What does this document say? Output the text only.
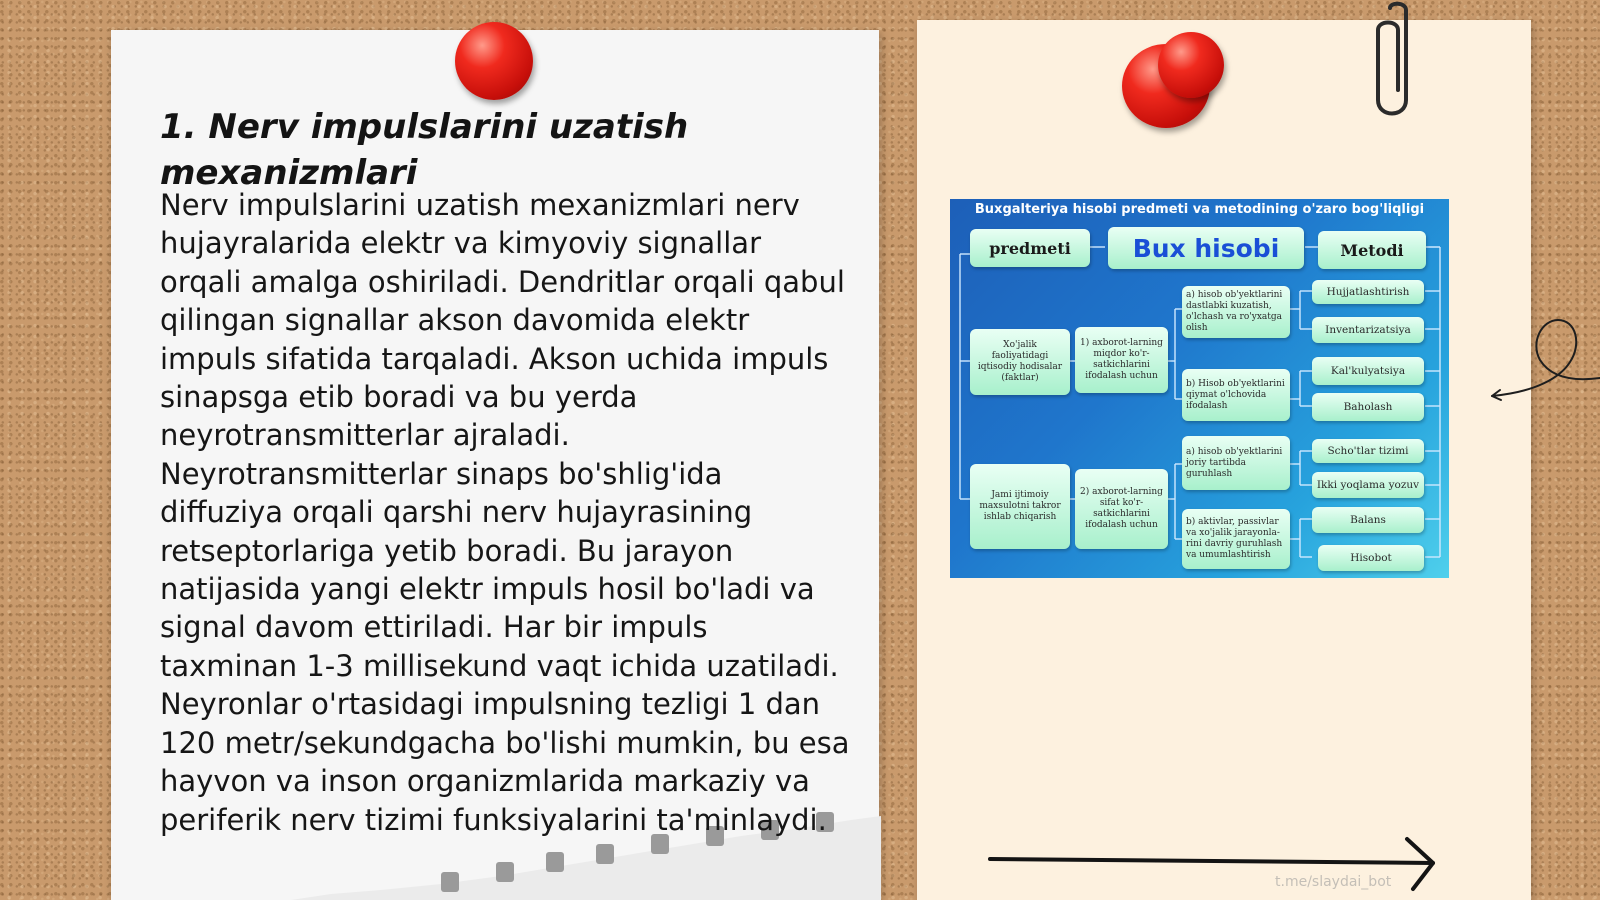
1. Nerv impulslarini uzatish mexanizmlari

Nerv impulslarini uzatish mexanizmlari nerv hujayralarida elektr va kimyoviy signallar orqali amalga oshiriladi. Dendritlar orqali qabul qilingan signallar akson davomida elektr impuls sifatida tarqaladi. Akson uchida impuls sinapsga etib boradi va bu yerda neyrotransmitterlar ajraladi. Neyrotransmitterlar sinaps bo'shlig'ida diffuziya orqali qarshi nerv hujayrasining retseptorlariga yetib boradi. Bu jarayon natijasida yangi elektr impuls hosil bo'ladi va signal davom ettiriladi. Har bir impuls taxminan 1-3 millisekund vaqt ichida uzatiladi. Neyronlar o'rtasidagi impulsning tezligi 1 dan 120 metr/sekundgacha bo'lishi mumkin, bu esa hayvon va inson organizmlarida markaziy va periferik nerv tizimi funksiyalarini ta'minlaydi.

Buxgalteriya hisobi predmeti va metodining o'zaro bog'liqligi
predmeti	Bux hisobi	Metodi
Xo'jalik faoliyatidagi iqtisodiy hodisalar (faktlar)
Jami ijtimoiy maxsulotni takror ishlab chiqarish
1) axborot-larning miqdor ko'r-satkichlarini ifodalash uchun
2) axborot-larning sifat ko'r-satkichlarini ifodalash uchun
a) hisob ob'yektlarini dastlabki kuzatish, o'lchash va ro'yxatga olish
b) Hisob ob'yektlarini qiymat o'lchovida ifodalash
a) hisob ob'yektlarini joriy tartibda guruhlash
b) aktivlar, passivlar va xo'jalik jarayonla-rini davriy guruhlash va umumlashtirish
Hujjatlashtirish
Inventarizatsiya
Kal'kulyatsiya
Baholash
Scho'tlar tizimi
Ikki yoqlama yozuv
Balans
Hisobot
t.me/slaydai_bot
